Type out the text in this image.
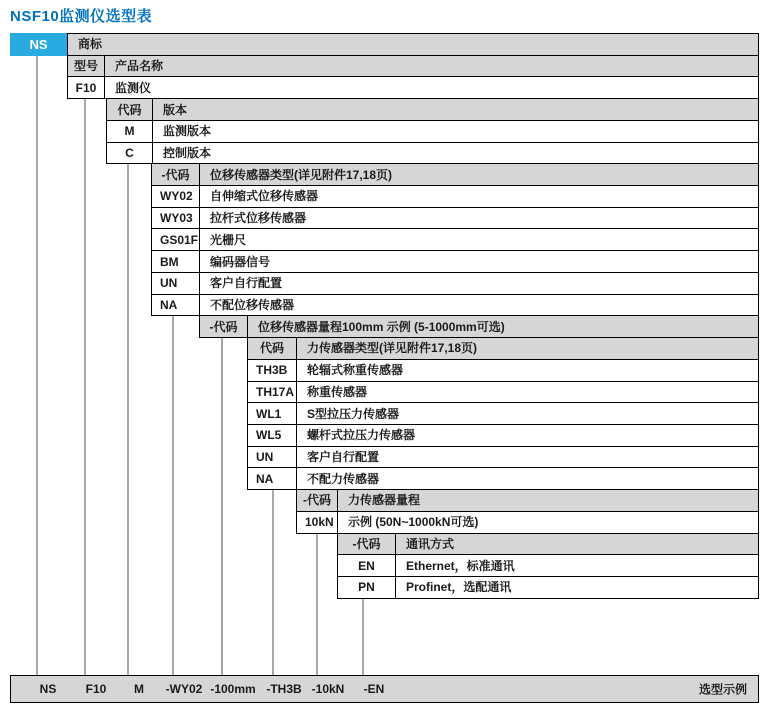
NSF10监测仪选型表
NS	商标
型号	产品名称
F10	监测仪
代码	版本
M	监测版本
C	控制版本
-代码	位移传感器类型(详见附件17,18页)
WY02	自伸缩式位移传感器
WY03	拉杆式位移传感器
GS01F 光栅尺
BM	编码器信号
UN	客户自行配置
NA	不配位移传感器
-代码	位移传感器量程100mm 示例 (5-1000mm可选)
代码	力传感器类型(详见附件17,18页)
TH3B	轮辐式称重传感器
TH17A	称重传感器
WL1	S型拉压力传感器
WL5	螺杆式拉压力传感器
UN	客户自行配置
NA	不配力传感器
-代码	力传感器量程
10kN	示例 (50N~1000kN可选)
-代码	通讯方式
EN	Ethernet，标准通讯
PN	Profinet，选配通讯
选型示例
NS F10 M -WY02 -100mm -TH3B -10kN -EN
